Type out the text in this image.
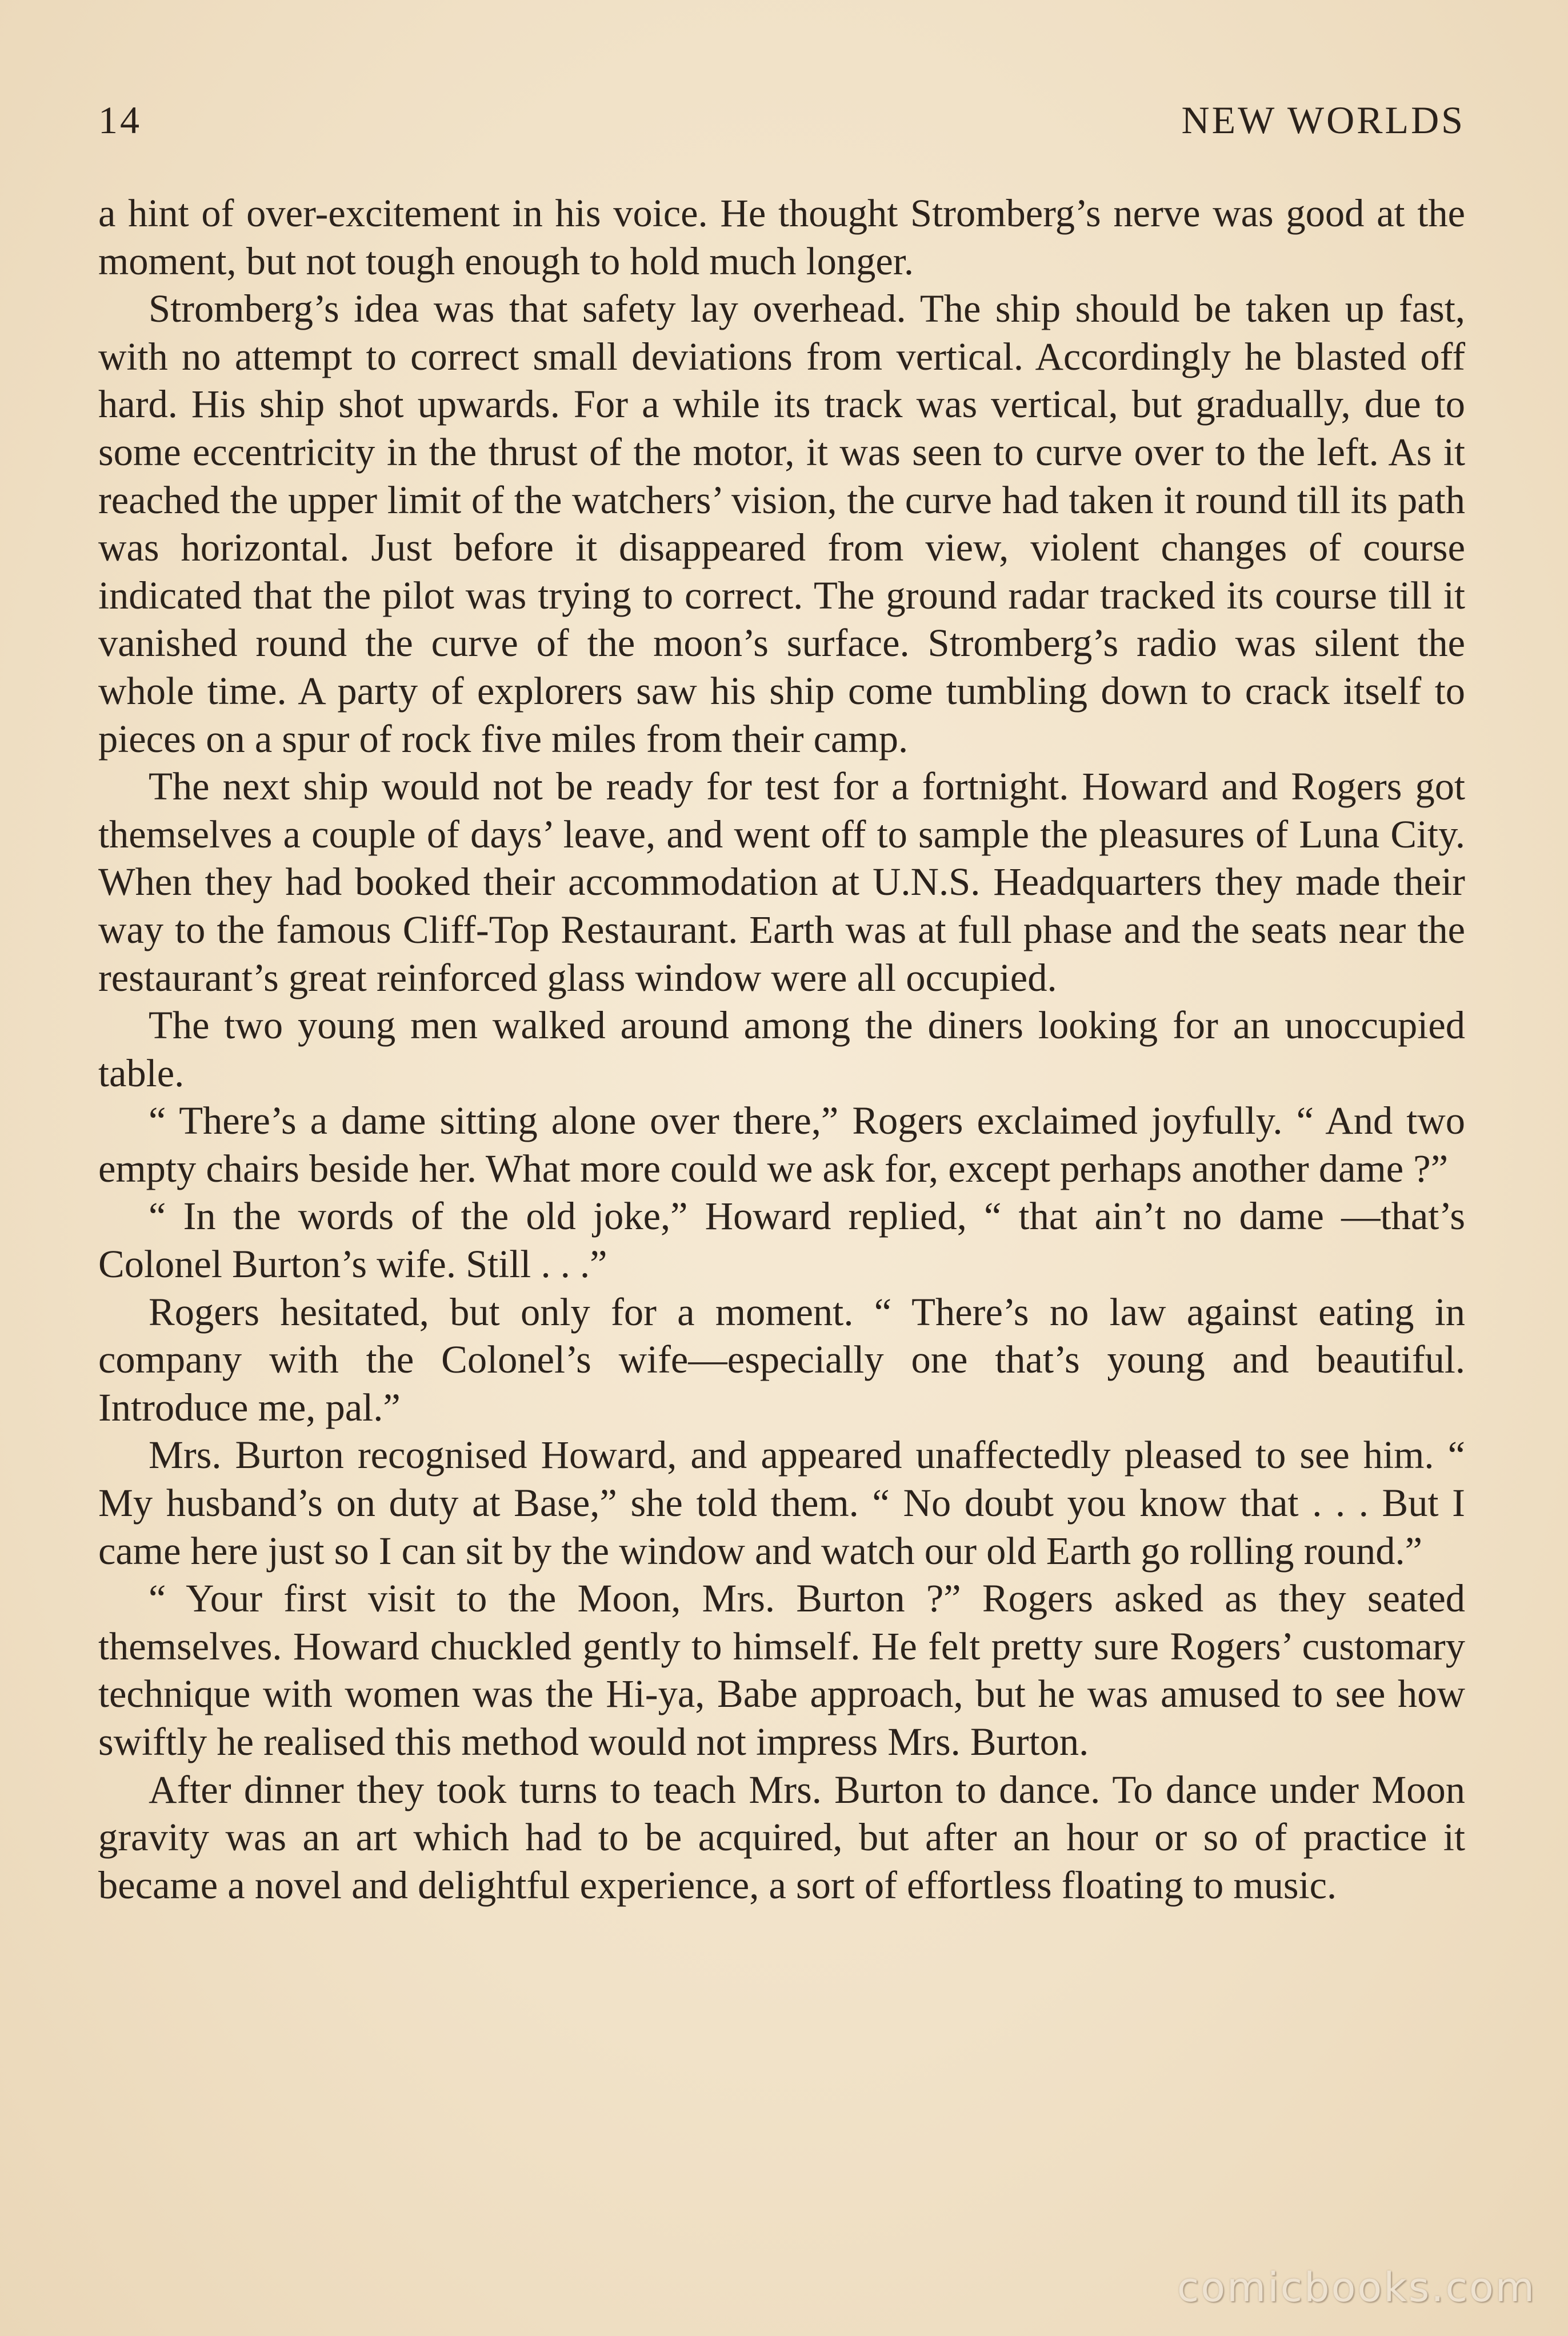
14	NEW WORLDS

a hint of over-excitement in his voice. He thought Stromberg’s nerve was good at the moment, but not tough enough to hold much longer.

Stromberg’s idea was that safety lay overhead. The ship should be taken up fast, with no attempt to correct small deviations from vertical. Accordingly he blasted off hard. His ship shot upwards. For a while its track was vertical, but gradually, due to some eccentricity in the thrust of the motor, it was seen to curve over to the left. As it reached the upper limit of the watchers’ vision, the curve had taken it round till its path was horizontal. Just before it disappeared from view, violent changes of course indicated that the pilot was trying to correct. The ground radar tracked its course till it vanished round the curve of the moon’s surface. Stromberg’s radio was silent the whole time. A party of explorers saw his ship come tumbling down to crack itself to pieces on a spur of rock five miles from their camp.

The next ship would not be ready for test for a fortnight. Howard and Rogers got themselves a couple of days’ leave, and went off to sample the pleasures of Luna City. When they had booked their accommodation at U.N.S. Headquarters they made their way to the famous Cliff-Top Restaurant. Earth was at full phase and the seats near the restaurant’s great reinforced glass window were all occupied.

The two young men walked around among the diners looking for an unoccupied table.

“ There’s a dame sitting alone over there,” Rogers exclaimed joyfully. “ And two empty chairs beside her. What more could we ask for, except perhaps another dame ?”

“ In the words of the old joke,” Howard replied, “ that ain’t no dame —that’s Colonel Burton’s wife. Still . . .”

Rogers hesitated, but only for a moment. “ There’s no law against eating in company with the Colonel’s wife—especially one that’s young and beautiful. Introduce me, pal.”

Mrs. Burton recognised Howard, and appeared unaffectedly pleased to see him. “ My husband’s on duty at Base,” she told them. “ No doubt you know that . . . But I came here just so I can sit by the window and watch our old Earth go rolling round.”

“ Your first visit to the Moon, Mrs. Burton ?” Rogers asked as they seated themselves. Howard chuckled gently to himself. He felt pretty sure Rogers’ customary technique with women was the Hi-ya, Babe approach, but he was amused to see how swiftly he realised this method would not impress Mrs. Burton.

After dinner they took turns to teach Mrs. Burton to dance. To dance under Moon gravity was an art which had to be acquired, but after an hour or so of practice it became a novel and delightful experience, a sort of effortless floating to music.

comicbooks.com
